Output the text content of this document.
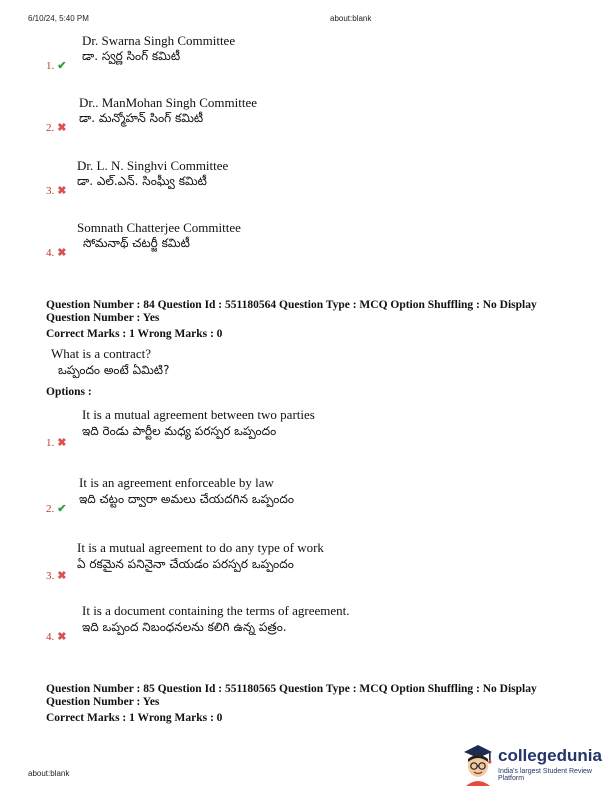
6/10/24, 5:40 PM	about:blank
Dr. Swarna Singh Committee
డా. స్వర్ణ సింగ్ కమిటీ
1. ✔
Dr.. ManMohan Singh Committee
డా. మన్మోహన్ సింగ్ కమిటీ
2. ✖
Dr. L. N. Singhvi Committee
డా. ఎల్.ఎన్. సింఘ్వీ కమిటీ
3. ✖
Somnath Chatterjee Committee
సోమనాథ్ చటర్జీ కమిటీ
4. ✖
Question Number : 84 Question Id : 551180564 Question Type : MCQ Option Shuffling : No Display
Question Number : Yes
Correct Marks : 1 Wrong Marks : 0
What is a contract?
ఒప్పందం అంటే ఏమిటి?
Options :
It is a mutual agreement between two parties
ఇది రెండు పార్టీల మధ్య పరస్పర ఒప్పందం
1. ✖
It is an agreement enforceable by law
ఇది చట్టం ద్వారా అమలు చేయదగిన ఒప్పందం
2. ✔
It is a mutual agreement to do any type of work
ఏ రకమైన పనినైనా చేయడం పరస్పర ఒప్పందం
3. ✖
It is a document containing the terms of agreement.
ఇది ఒప్పంద నిబంధనలను కలిగి ఉన్న పత్రం.
4. ✖
Question Number : 85 Question Id : 551180565 Question Type : MCQ Option Shuffling : No Display
Question Number : Yes
Correct Marks : 1 Wrong Marks : 0
about:blank
collegedunia
India's largest Student Review Platform
